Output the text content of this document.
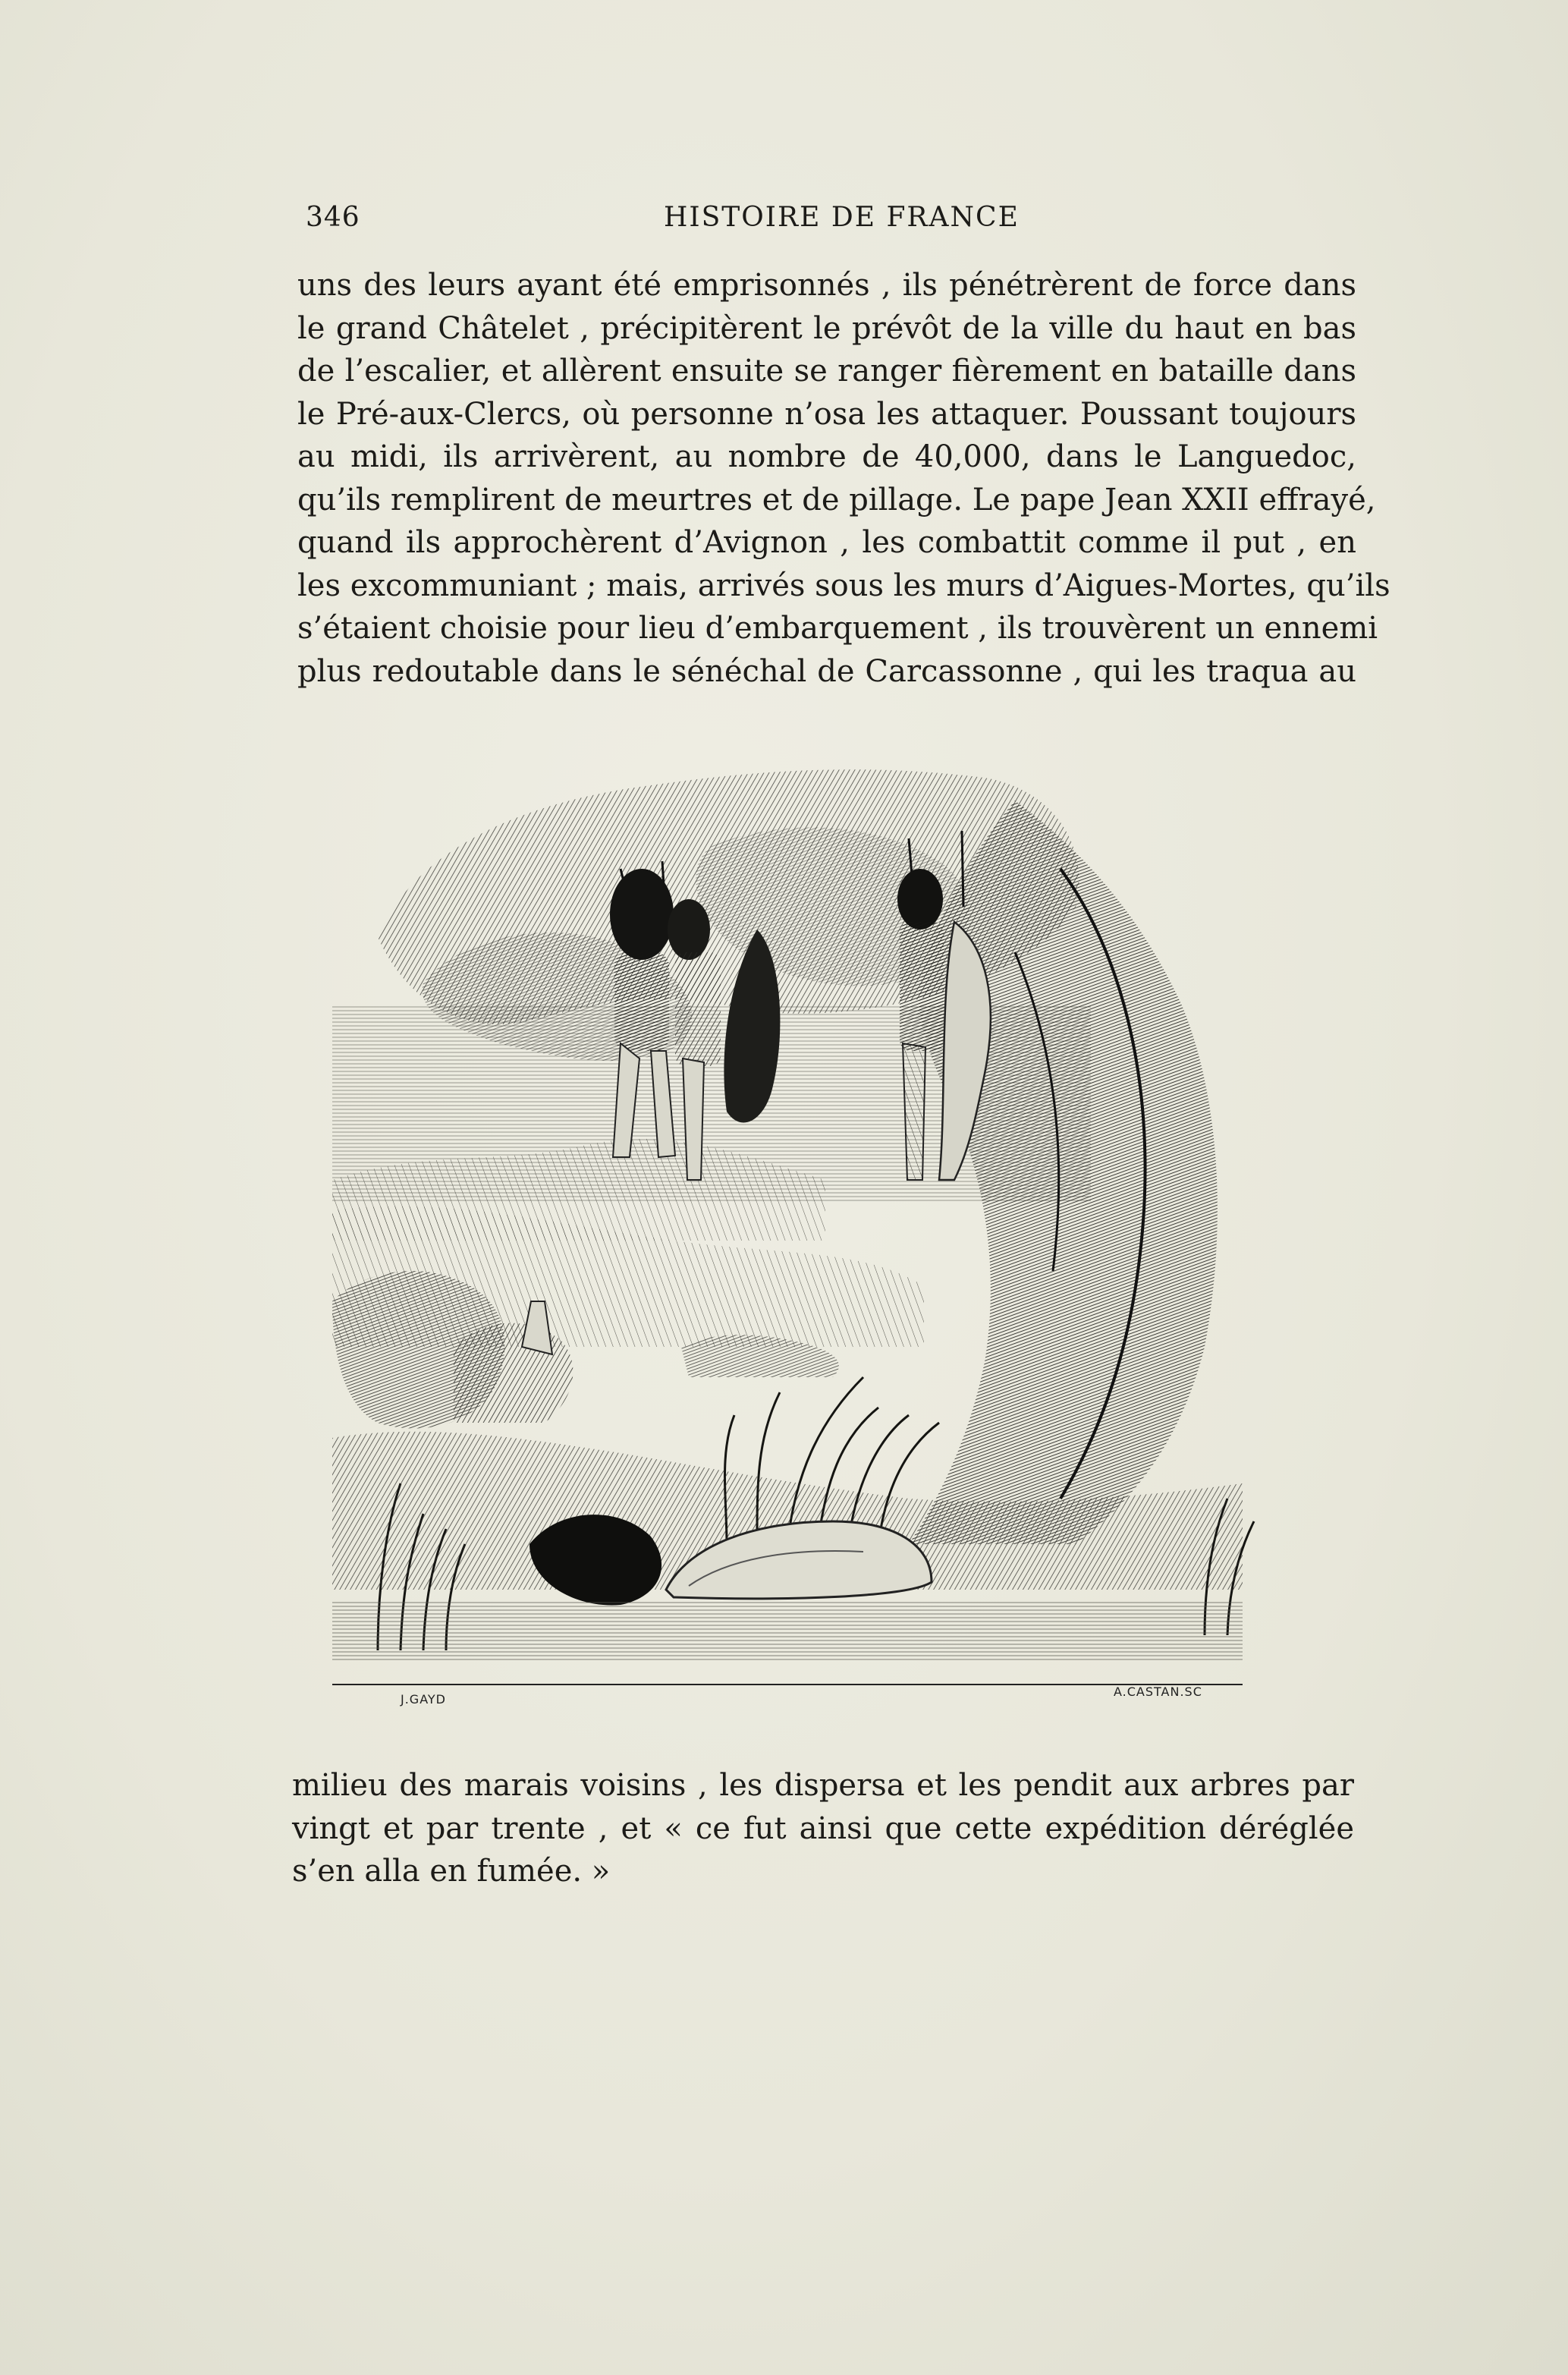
346	HISTOIRE DE FRANCE
uns des leurs ayant été emprisonnés , ils pénétrèrent de force dans
le grand Châtelet , précipitèrent le prévôt de la ville du haut en bas
de l’escalier, et allèrent ensuite se ranger fièrement en bataille dans
le Pré-aux-Clercs, où personne n’osa les attaquer. Poussant toujours
au midi, ils arrivèrent, au nombre de 40,000, dans le Languedoc,
qu’ils remplirent de meurtres et de pillage. Le pape Jean XXII effrayé,
quand ils approchèrent d’Avignon , les combattit comme il put , en
les excommuniant ; mais, arrivés sous les murs d’Aigues-Mortes, qu’ils
s’étaient choisie pour lieu d’embarquement , ils trouvèrent un ennemi
plus redoutable dans le sénéchal de Carcassonne , qui les traqua au
J.GAYD
A.CASTAN.SC
milieu des marais voisins , les dispersa et les pendit aux arbres par
vingt et par trente , et « ce fut ainsi que cette expédition déréglée
s’en alla en fumée. »
